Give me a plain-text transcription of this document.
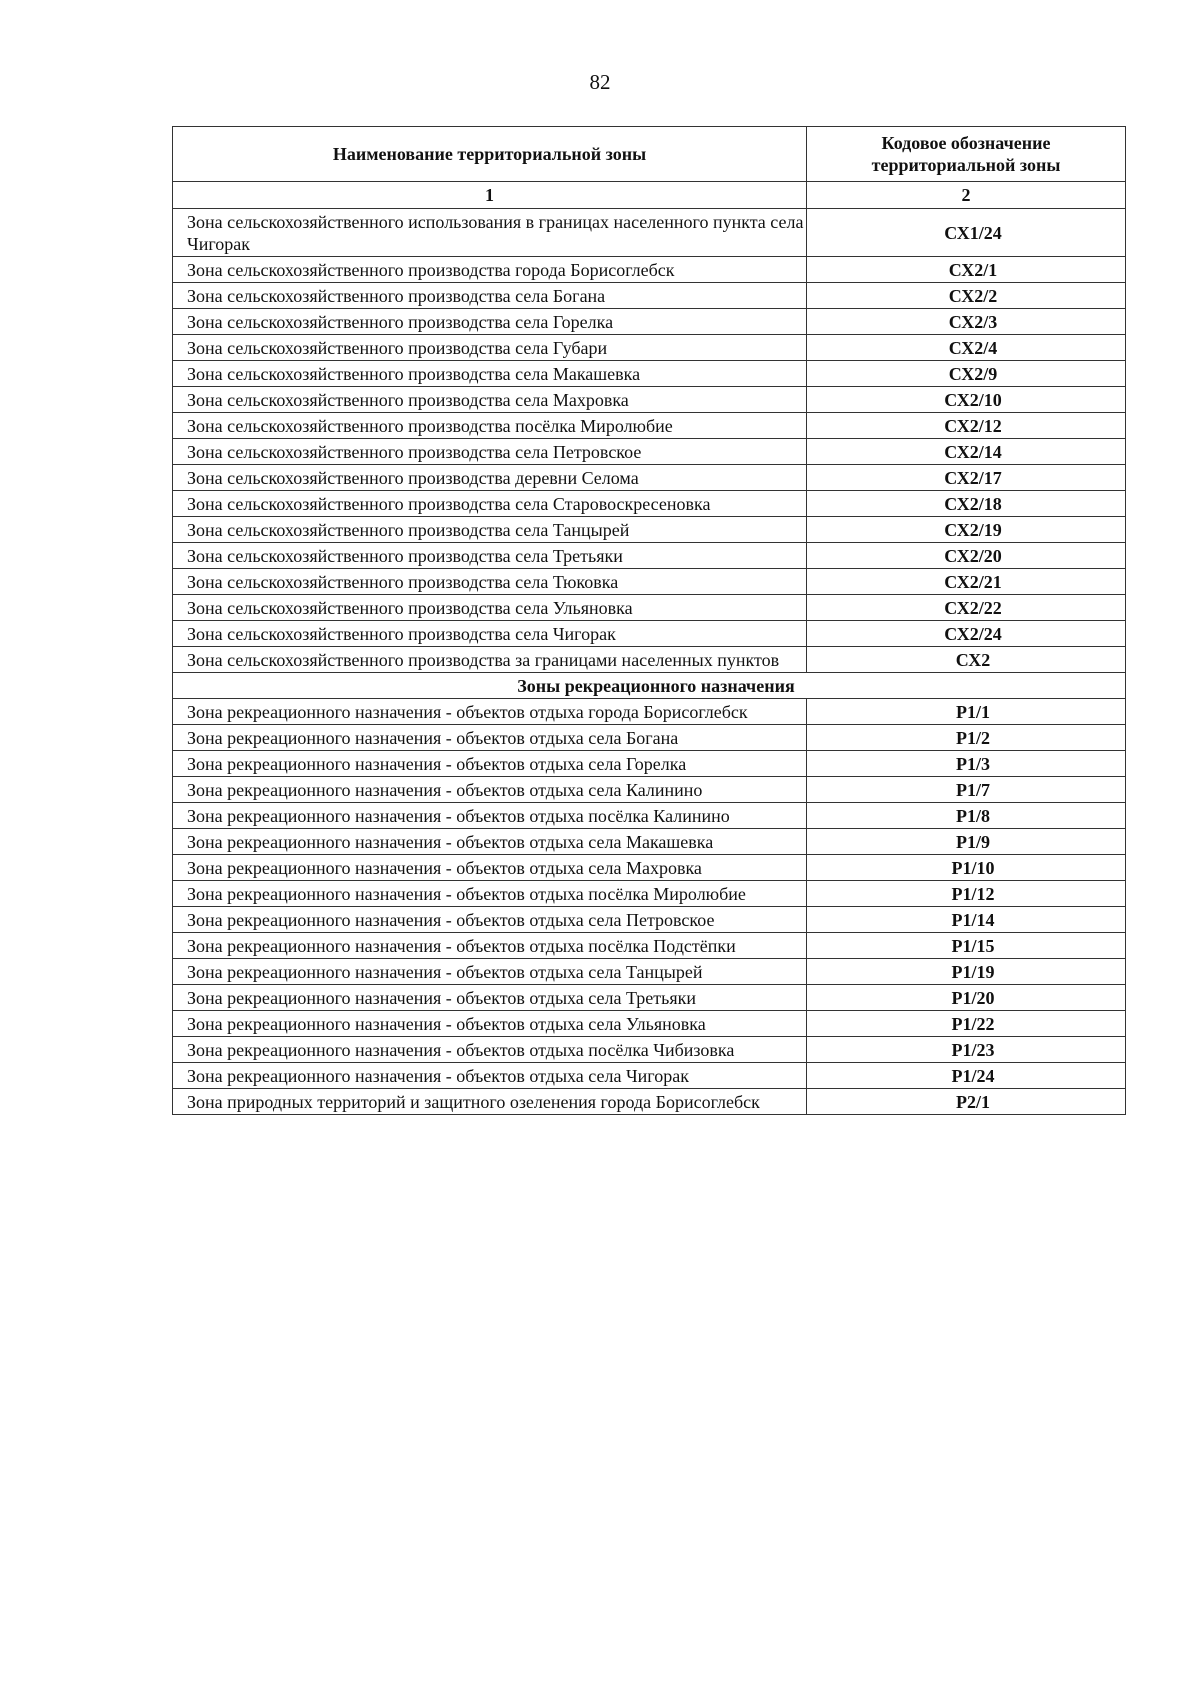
82
Наименование территориальной зоны	Кодовое обозначение территориальной зоны
1	2
Зона сельскохозяйственного использования в границах населенного пункта села Чигорак	СХ1/24
Зона сельскохозяйственного производства города Борисоглебск	СХ2/1
Зона сельскохозяйственного производства села Богана	СХ2/2
Зона сельскохозяйственного производства села Горелка	СХ2/3
Зона сельскохозяйственного производства села Губари	СХ2/4
Зона сельскохозяйственного производства села Макашевка	СХ2/9
Зона сельскохозяйственного производства села Махровка	СХ2/10
Зона сельскохозяйственного производства посёлка Миролюбие	СХ2/12
Зона сельскохозяйственного производства села Петровское	СХ2/14
Зона сельскохозяйственного производства деревни Селома	СХ2/17
Зона сельскохозяйственного производства села Старовоскресеновка	СХ2/18
Зона сельскохозяйственного производства села Танцырей	СХ2/19
Зона сельскохозяйственного производства села Третьяки	СХ2/20
Зона сельскохозяйственного производства села Тюковка	СХ2/21
Зона сельскохозяйственного производства села Ульяновка	СХ2/22
Зона сельскохозяйственного производства села Чигорак	СХ2/24
Зона сельскохозяйственного производства за границами населенных пунктов	СХ2
Зоны рекреационного назначения	
Зона рекреационного назначения - объектов отдыха города Борисоглебск	Р1/1
Зона рекреационного назначения - объектов отдыха села Богана	Р1/2
Зона рекреационного назначения - объектов отдыха села Горелка	Р1/3
Зона рекреационного назначения - объектов отдыха села Калинино	Р1/7
Зона рекреационного назначения - объектов отдыха посёлка Калинино	Р1/8
Зона рекреационного назначения - объектов отдыха села Макашевка	Р1/9
Зона рекреационного назначения - объектов отдыха села Махровка	Р1/10
Зона рекреационного назначения - объектов отдыха посёлка Миролюбие	Р1/12
Зона рекреационного назначения - объектов отдыха села Петровское	Р1/14
Зона рекреационного назначения - объектов отдыха посёлка Подстёпки	Р1/15
Зона рекреационного назначения - объектов отдыха села Танцырей	Р1/19
Зона рекреационного назначения - объектов отдыха села Третьяки	Р1/20
Зона рекреационного назначения - объектов отдыха села Ульяновка	Р1/22
Зона рекреационного назначения - объектов отдыха посёлка Чибизовка	Р1/23
Зона рекреационного назначения - объектов отдыха села Чигорак	Р1/24
Зона природных территорий и защитного озеленения города Борисоглебск	Р2/1
